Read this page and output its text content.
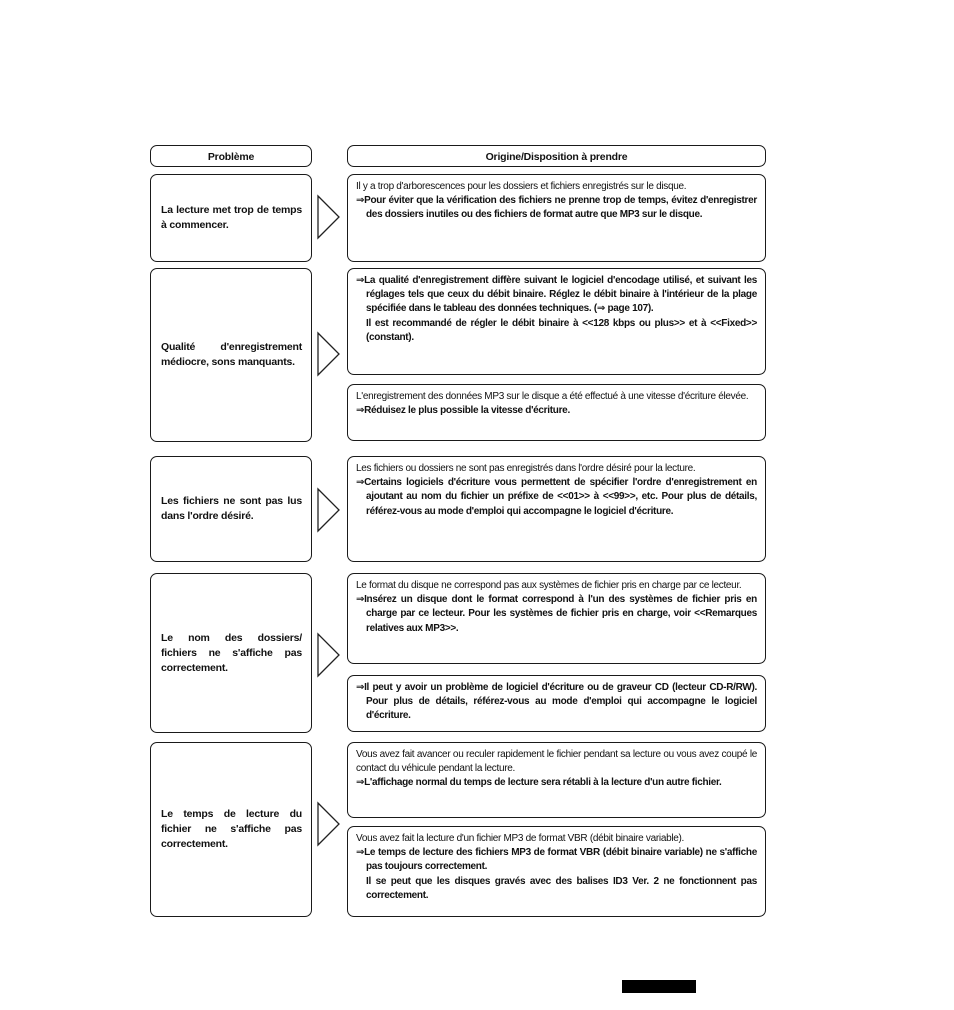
Problème	Origine/Disposition à prendre
La lecture met trop de temps à commencer.

Il y a trop d'arborescences pour les dossiers et fichiers enregistrés sur le disque.

⇒Pour éviter que la vérification des fichiers ne prenne trop de temps, évitez d'enregistrer des dossiers inutiles ou des fichiers de format autre que MP3 sur le disque.

Qualité d'enregistrement médiocre, sons manquants.

⇒La qualité d'enregistrement diffère suivant le logiciel d'encodage utilisé, et suivant les réglages tels que ceux du débit binaire. Réglez le débit binaire à l'intérieur de la plage spécifiée dans le tableau des données techniques. (⇒ page 107).

Il est recommandé de régler le débit binaire à <<128 kbps ou plus>> et à <<Fixed>> (constant).

L'enregistrement des données MP3 sur le disque a été effectué à une vitesse d'écriture élevée.

⇒Réduisez le plus possible la vitesse d'écriture.

Les fichiers ne sont pas lus dans l'ordre désiré.

Les fichiers ou dossiers ne sont pas enregistrés dans l'ordre désiré pour la lecture.

⇒Certains logiciels d'écriture vous permettent de spécifier l'ordre d'enregistrement en ajoutant au nom du fichier un préfixe de <<01>> à <<99>>, etc. Pour plus de détails, référez-vous au mode d'emploi qui accompagne le logiciel d'écriture.

Le nom des dossiers/ fichiers ne s'affiche pas correctement.

Le format du disque ne correspond pas aux systèmes de fichier pris en charge par ce lecteur.

⇒Insérez un disque dont le format correspond à l'un des systèmes de fichier pris en charge par ce lecteur. Pour les systèmes de fichier pris en charge, voir <<Remarques relatives aux MP3>>.

⇒Il peut y avoir un problème de logiciel d'écriture ou de graveur CD (lecteur CD-R/RW). Pour plus de détails, référez-vous au mode d'emploi qui accompagne le logiciel d'écriture.

Le temps de lecture du fichier ne s'affiche pas correctement.

Vous avez fait avancer ou reculer rapidement le fichier pendant sa lecture ou vous avez coupé le contact du véhicule pendant la lecture.

⇒L'affichage normal du temps de lecture sera rétabli à la lecture d'un autre fichier.

Vous avez fait la lecture d'un fichier MP3 de format VBR (débit binaire variable).

⇒Le temps de lecture des fichiers MP3 de format VBR (débit binaire variable) ne s'affiche pas toujours correctement.

Il se peut que les disques gravés avec des balises ID3 Ver. 2 ne fonctionnent pas correctement.
